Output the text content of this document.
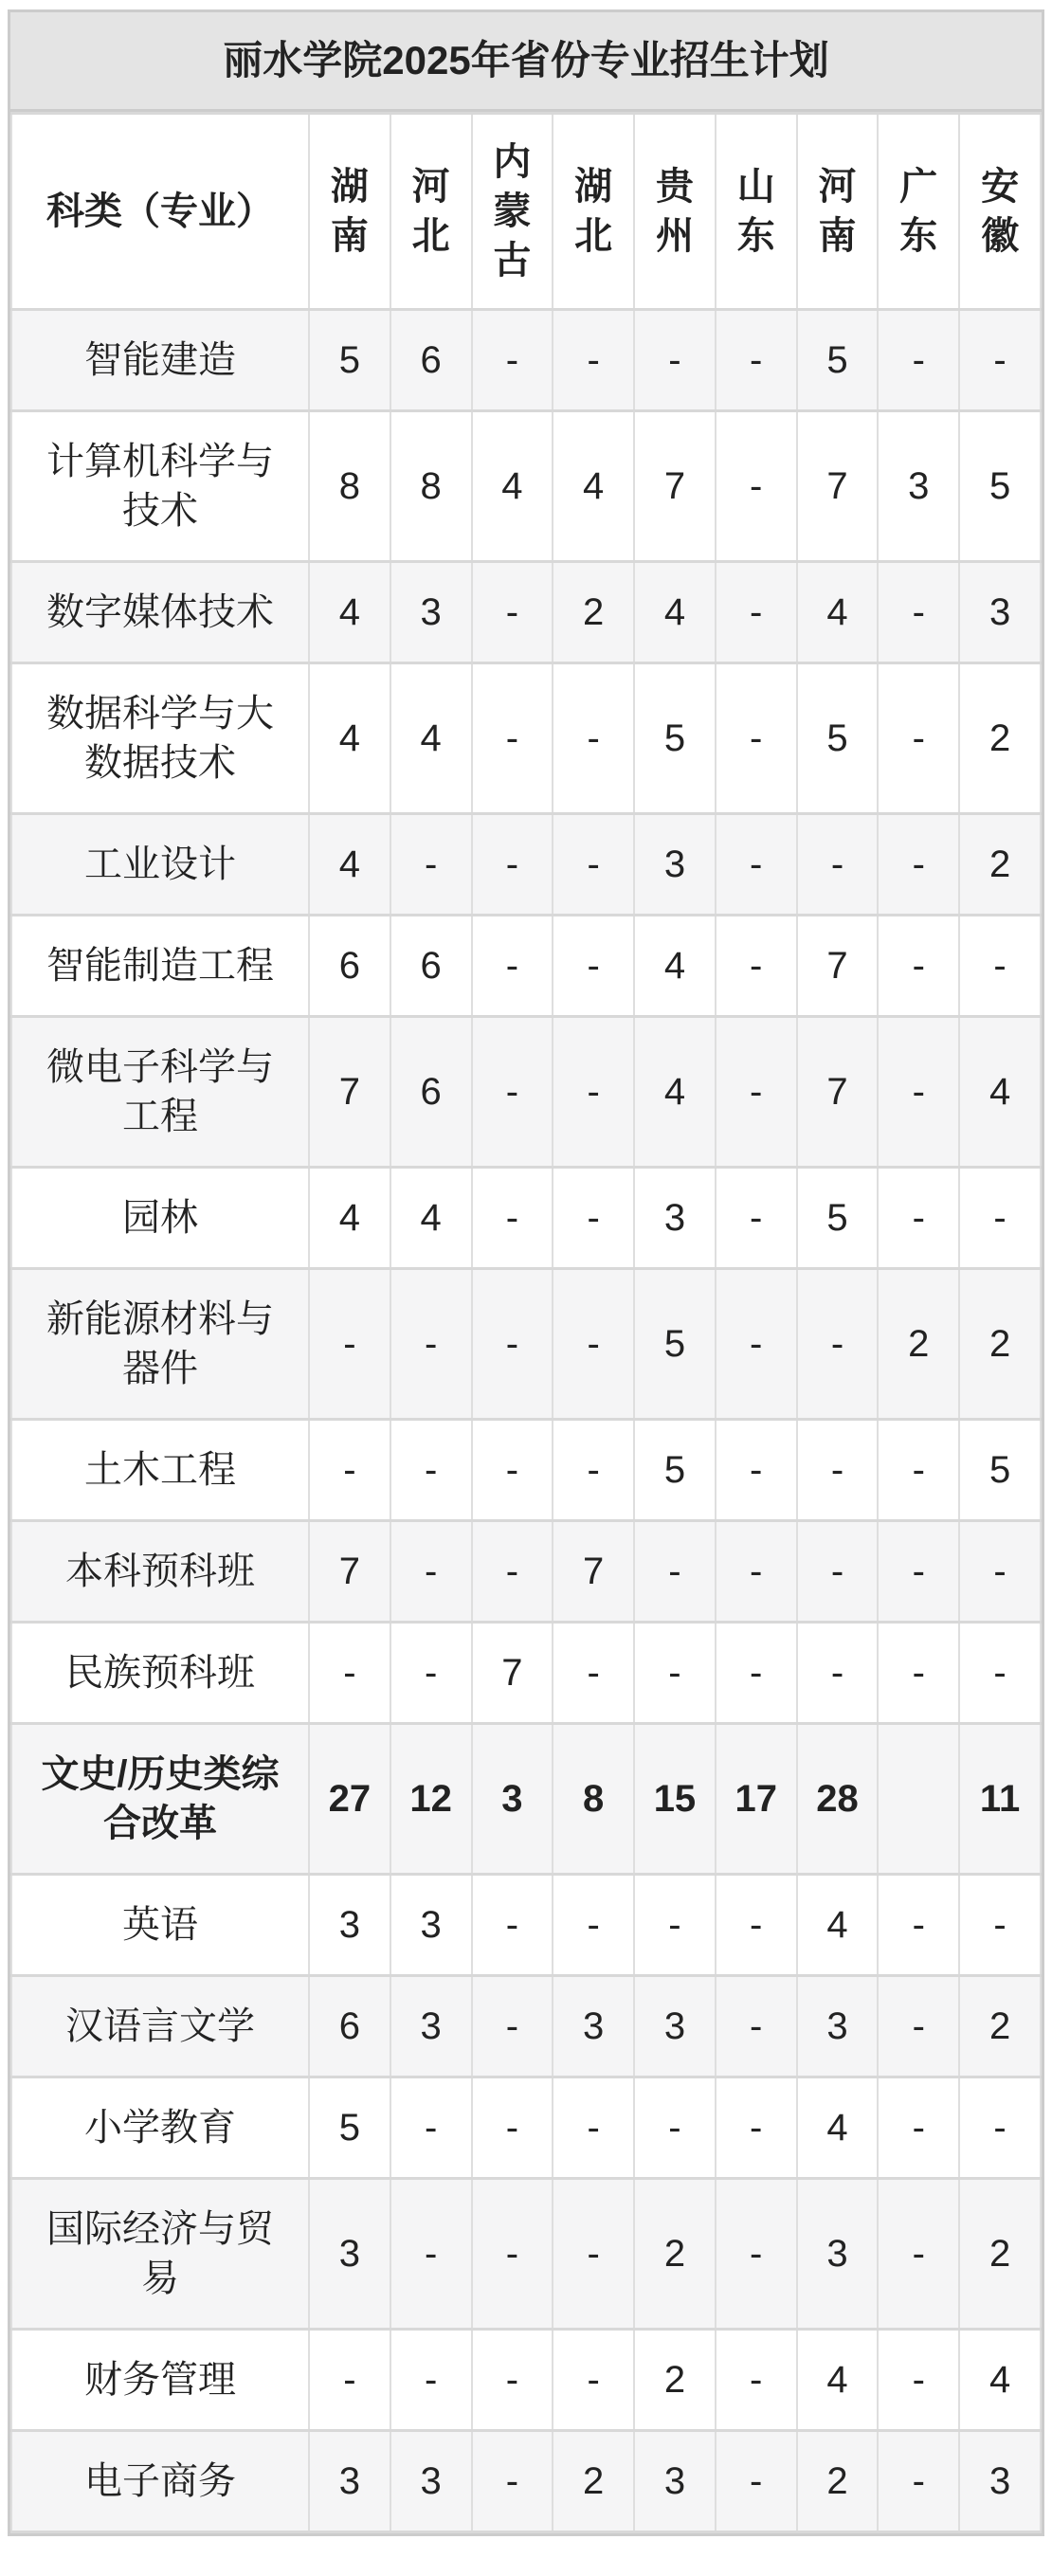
丽水学院2025年省份专业招生计划
科类（专业）	湖南	河北	内蒙古	湖北	贵州	山东	河南	广东	安徽
智能建造	5	6	-	-	-	-	5	-	-
计算机科学与技术	8	8	4	4	7	-	7	3	5
数字媒体技术	4	3	-	2	4	-	4	-	3
数据科学与大数据技术	4	4	-	-	5	-	5	-	2
工业设计	4	-	-	-	3	-	-	-	2
智能制造工程	6	6	-	-	4	-	7	-	-
微电子科学与工程	7	6	-	-	4	-	7	-	4
园林	4	4	-	-	3	-	5	-	-
新能源材料与器件	-	-	-	-	5	-	-	2	2
土木工程	-	-	-	-	5	-	-	-	5
本科预科班	7	-	-	7	-	-	-	-	-
民族预科班	-	-	7	-	-	-	-	-	-
文史/历史类综合改革	27	12	3	8	15	17	28		11
英语	3	3	-	-	-	-	4	-	-
汉语言文学	6	3	-	3	3	-	3	-	2
小学教育	5	-	-	-	-	-	4	-	-
国际经济与贸易	3	-	-	-	2	-	3	-	2
财务管理	-	-	-	-	2	-	4	-	4
电子商务	3	3	-	2	3	-	2	-	3
